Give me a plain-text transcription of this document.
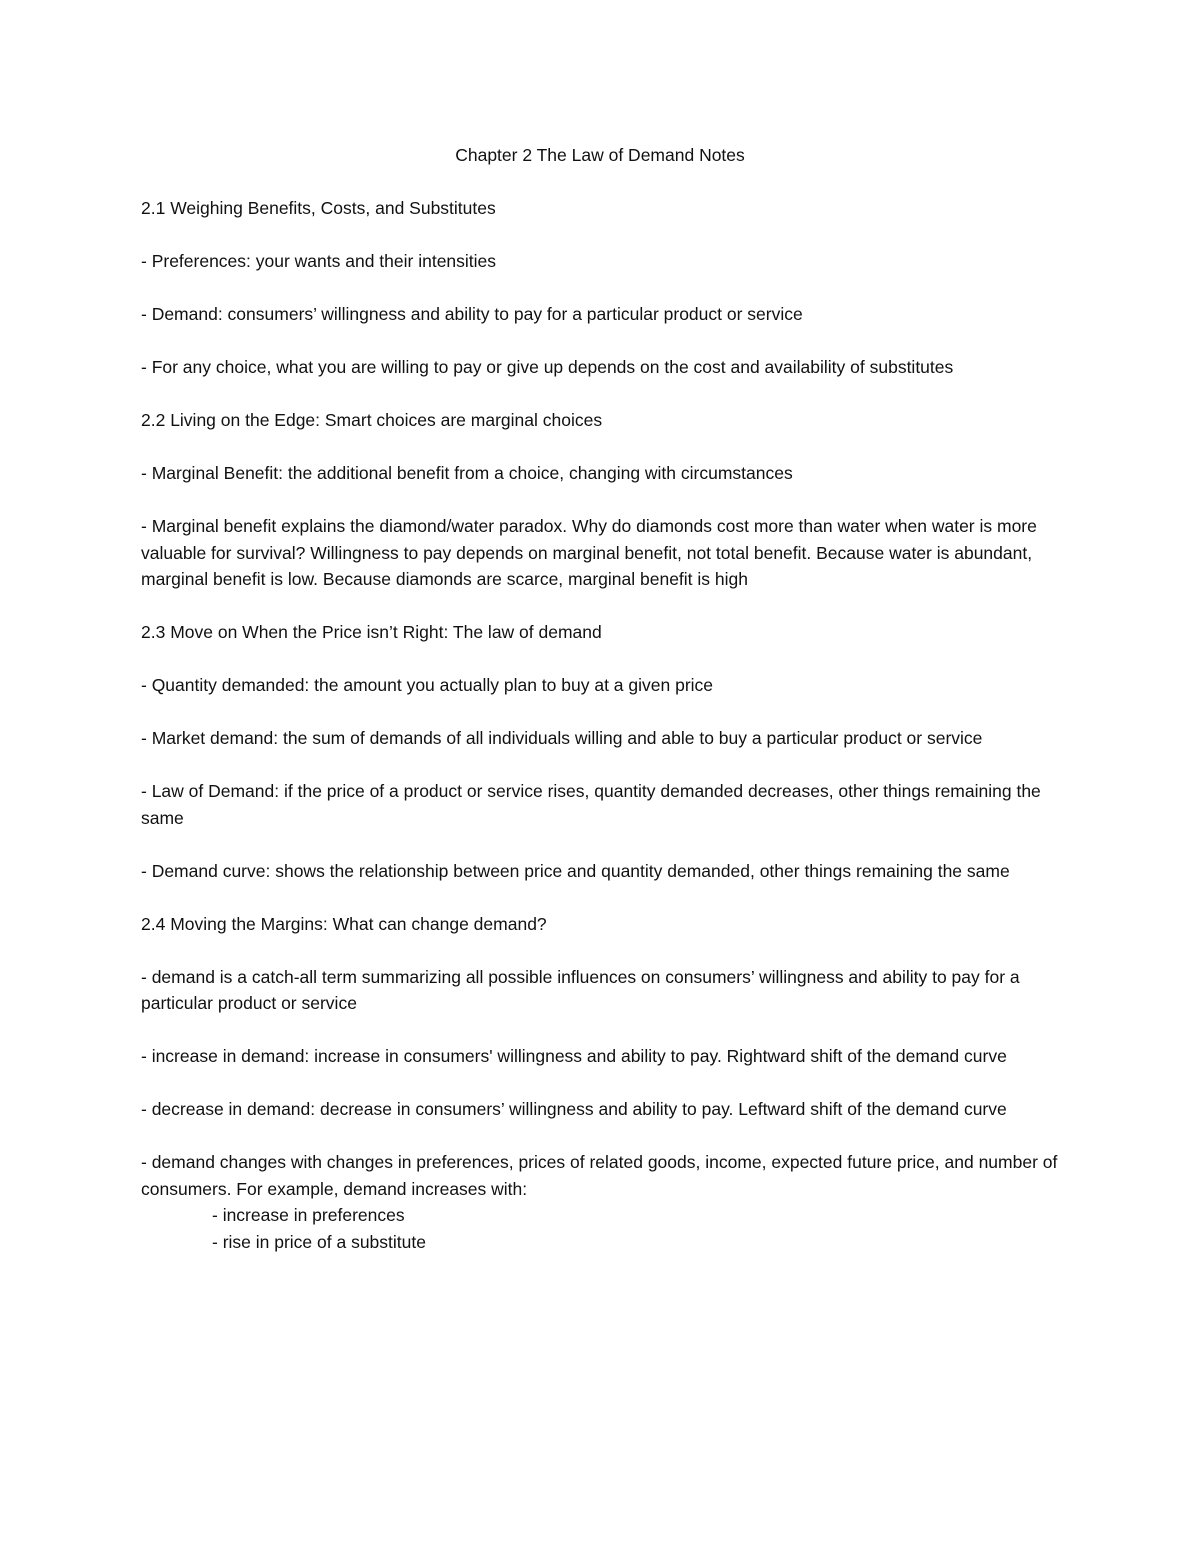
Chapter 2 The Law of Demand Notes

2.1 Weighing Benefits, Costs, and Substitutes

- Preferences: your wants and their intensities

- Demand: consumers’ willingness and ability to pay for a particular product or service

- For any choice, what you are willing to pay or give up depends on the cost and availability of substitutes

2.2 Living on the Edge: Smart choices are marginal choices

- Marginal Benefit: the additional benefit from a choice, changing with circumstances

- Marginal benefit explains the diamond/water paradox. Why do diamonds cost more than water when water is more valuable for survival? Willingness to pay depends on marginal benefit, not total benefit. Because water is abundant, marginal benefit is low. Because diamonds are scarce, marginal benefit is high

2.3 Move on When the Price isn’t Right: The law of demand

- Quantity demanded: the amount you actually plan to buy at a given price

- Market demand: the sum of demands of all individuals willing and able to buy a particular product or service

- Law of Demand: if the price of a product or service rises, quantity demanded decreases, other things remaining the same

- Demand curve: shows the relationship between price and quantity demanded, other things remaining the same

2.4 Moving the Margins: What can change demand?

- demand is a catch-all term summarizing all possible influences on consumers’ willingness and ability to pay for a particular product or service

- increase in demand: increase in consumers' willingness and ability to pay. Rightward shift of the demand curve

- decrease in demand: decrease in consumers’ willingness and ability to pay. Leftward shift of the demand curve

- demand changes with changes in preferences, prices of related goods, income, expected future price, and number of consumers. For example, demand increases with:

- increase in preferences
- rise in price of a substitute
